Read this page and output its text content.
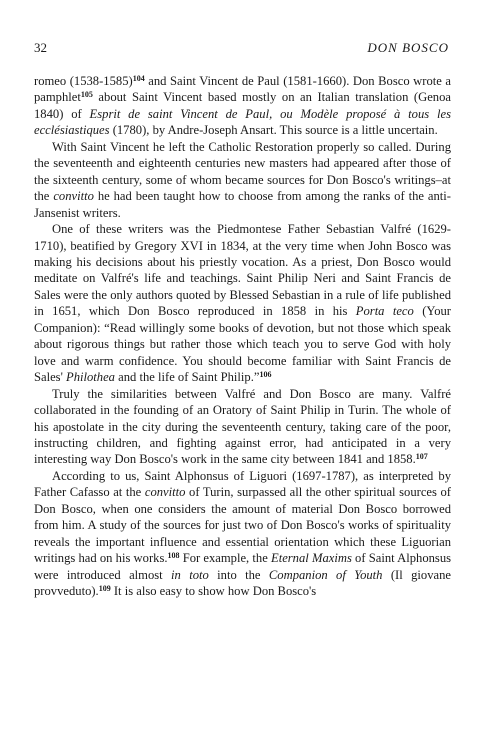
32	DON BOSCO

romeo (1538-1585)$^{104}$ and Saint Vincent de Paul (1581-1660). Don Bosco wrote a pamphlet$^{105}$ about Saint Vincent based mostly on an Italian translation (Genoa 1840) of Esprit de saint Vincent de Paul, ou Modèle proposé à tous les ecclésiastiques (1780), by Andre-Joseph Ansart. This source is a little uncertain.

With Saint Vincent he left the Catholic Restoration properly so called. During the seventeenth and eighteenth centuries new masters had appeared after those of the sixteenth century, some of whom became sources for Don Bosco's writings–at the convitto he had been taught how to choose from among the ranks of the anti-Jansenist writers.

One of these writers was the Piedmontese Father Sebastian Valfré (1629-1710), beatified by Gregory XVI in 1834, at the very time when John Bosco was making his decisions about his priestly vocation. As a priest, Don Bosco would meditate on Valfré's life and teachings. Saint Philip Neri and Saint Francis de Sales were the only authors quoted by Blessed Sebastian in a rule of life published in 1651, which Don Bosco reproduced in 1858 in his Porta teco (Your Companion): “Read willingly some books of devotion, but not those which speak about rigorous things but rather those which teach you to serve God with holy love and warm confidence. You should become familiar with Saint Francis de Sales' Philothea and the life of Saint Philip.”$^{106}$

Truly the similarities between Valfré and Don Bosco are many. Valfré collaborated in the founding of an Oratory of Saint Philip in Turin. The whole of his apostolate in the city during the seventeenth century, taking care of the poor, instructing children, and fighting against error, had anticipated in a very interesting way Don Bosco's work in the same city between 1841 and 1858.$^{107}$

According to us, Saint Alphonsus of Liguori (1697-1787), as interpreted by Father Cafasso at the convitto of Turin, surpassed all the other spiritual sources of Don Bosco, when one considers the amount of material Don Bosco borrowed from him. A study of the sources for just two of Don Bosco's works of spirituality reveals the important influence and essential orientation which these Liguorian writings had on his works.$^{108}$ For example, the Eternal Maxims of Saint Alphonsus were introduced almost in toto into the Companion of Youth (Il giovane provveduto).$^{109}$ It is also easy to show how Don Bosco's
